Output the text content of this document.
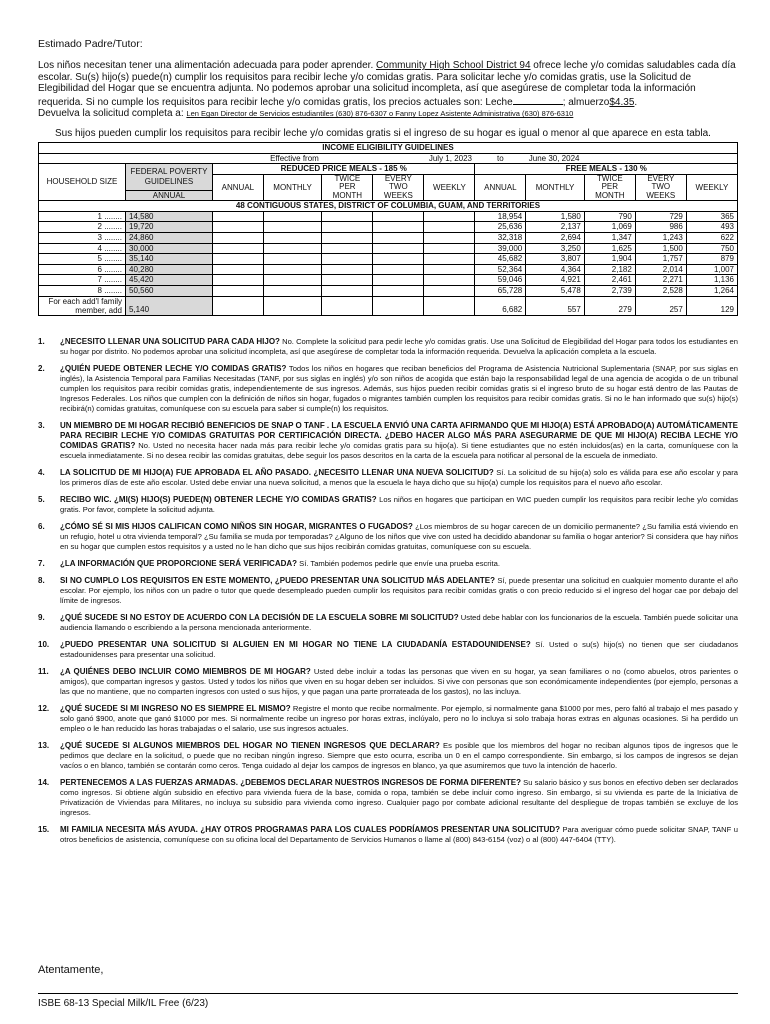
Estimado Padre/Tutor:
Los niños necesitan tener una alimentación adecuada para poder aprender. Community High School District 94 ofrece leche y/o comidas saludables cada día escolar. Su(s) hijo(s) puede(n) cumplir los requisitos para recibir leche y/o comidas gratis. Para solicitar leche y/o comidas gratis, use la Solicitud de Elegibilidad del Hogar que se encuentra adjunta. No podemos aprobar una solicitud incompleta, así que asegúrese de completar toda la información requerida. Si no cumple los requisitos para recibir leche y/o comidas gratis, los precios actuales son: Leche	; almuerzo$4.35.
Devuelva la solicitud completa a: Len Egan Director de Servicios estudiantiles (630) 876-6307 o Fanny Lopez Asistente Administrativa (630) 876-6310
Sus hijos pueden cumplir los requisitos para recibir leche y/o comidas gratis si el ingreso de su hogar es igual o menor al que aparece en esta tabla.
INCOME ELIGIBILITY GUIDELINES											
Effective from				July 1, 2023			to	June 30, 2024			
HOUSEHOLD SIZE	FEDERAL POVERTY GUIDELINES	REDUCED PRICE MEALS - 185 %					FREE MEALS - 130 %				
		ANNUAL	MONTHLY	TWICE PER MONTH	EVERY TWO WEEKS	WEEKLY	ANNUAL	MONTHLY	TWICE PER MONTH	EVERY TWO WEEKS	WEEKLY
	ANNUAL										
48 CONTIGUOUS STATES, DISTRICT OF COLUMBIA, GUAM, AND TERRITORIES											
1 ........	14,580						18,954	1,580	790	729	365
2 ........	19,720						25,636	2,137	1,069	986	493
3 ........	24,860						32,318	2,694	1,347	1,243	622
4 ........	30,000						39,000	3,250	1,625	1,500	750
5 ........	35,140						45,682	3,807	1,904	1,757	879
6 ........	40,280						52,364	4,364	2,182	2,014	1,007
7 ........	45,420						59,046	4,921	2,461	2,271	1,136
8 ........	50,560						65,728	5,478	2,739	2,528	1,264
For each add'l family
member, add	5,140						6,682	557	279	257	129
1.	¿NECESITO LLENAR UNA SOLICITUD PARA CADA HIJO? No. Complete la solicitud para pedir leche y/o comidas gratis. Use una Solicitud de Elegibilidad del Hogar para todos los estudiantes en su hogar por distrito. No podemos aprobar una solicitud incompleta, así que asegúrese de completar toda la información requerida. Devuelva la aplicación completa a la escuela.
2.	¿QUIÉN PUEDE OBTENER LECHE Y/O COMIDAS GRATIS? Todos los niños en hogares que reciban beneficios del Programa de Asistencia Nutricional Suplementaria (SNAP, por sus siglas en inglés), la Asistencia Temporal para Familias Necesitadas (TANF, por sus siglas en inglés) y/o son niños de acogida que están bajo la responsabilidad legal de una agencia de acogida o de un tribunal cumplen los requisitos para recibir comidas gratis, independientemente de sus ingresos. Además, sus hijos pueden recibir comidas gratis si el ingreso bruto de su hogar está dentro de las Pautas de Ingresos Federales. Los niños que cumplen con la definición de niños sin hogar, fugados o migrantes también cumplen los requisitos para recibir comidas gratis. Si no le han informado que su(s) hijo(s) recibirá(n) comidas gratuitas, comuníquese con su escuela para saber si cumple(n) los requisitos.
3.	UN MIEMBRO DE MI HOGAR RECIBIÓ BENEFICIOS DE SNAP O TANF . LA ESCUELA ENVIÓ UNA CARTA AFIRMANDO QUE MI HIJO(A) ESTÁ APROBADO(A) AUTOMÁTICAMENTE PARA RECIBIR LECHE Y/O COMIDAS GRATUITAS POR CERTIFICACIÓN DIRECTA. ¿DEBO HACER ALGO MÁS PARA ASEGURARME DE QUE MI HIJO(A) RECIBA LECHE Y/O COMIDAS GRATIS? No. Usted no necesita hacer nada más para recibir leche y/o comidas gratis para su hijo(a). Si tiene estudiantes que no estén incluidos(as) en la carta, comuníquese con la escuela inmediatamente. Si no desea recibir las comidas gratuitas, debe seguir los pasos descritos en la carta de la escuela para notificar al personal de la escuela de inmediato.
4.	LA SOLICITUD DE MI HIJO(A) FUE APROBADA EL AÑO PASADO. ¿NECESITO LLENAR UNA NUEVA SOLICITUD? Sí. La solicitud de su hijo(a) solo es válida para ese año escolar y para los primeros días de este año escolar. Usted debe enviar una nueva solicitud, a menos que la escuela le haya dicho que su hijo(a) cumple los requisitos para el nuevo año escolar.
5.	RECIBO WIC. ¿MI(S) HIJO(S) PUEDE(N) OBTENER LECHE Y/O COMIDAS GRATIS? Los niños en hogares que participan en WIC pueden cumplir los requisitos para recibir leche y/o comidas gratis. Por favor, complete la solicitud adjunta.
6.	¿CÓMO SÉ SI MIS HIJOS CALIFICAN COMO NIÑOS SIN HOGAR, MIGRANTES O FUGADOS? ¿Los miembros de su hogar carecen de un domicilio permanente? ¿Su familia está viviendo en un refugio, hotel u otra vivienda temporal? ¿Su familia se muda por temporadas? ¿Alguno de los niños que vive con usted ha decidido abandonar su familia o hogar anterior? Si considera que hay niños en su hogar que cumplen estos requisitos y a usted no le han dicho que sus hijos recibirán comidas gratuitas, comuníquese con su escuela.
7.	¿LA INFORMACIÓN QUE PROPORCIONE SERÁ VERIFICADA? Sí. También podemos pedirle que envíe una prueba escrita.
8.	SI NO CUMPLO LOS REQUISITOS EN ESTE MOMENTO, ¿PUEDO PRESENTAR UNA SOLICITUD MÁS ADELANTE? Sí, puede presentar una solicitud en cualquier momento durante el año escolar. Por ejemplo, los niños con un padre o tutor que quede desempleado pueden cumplir los requisitos para recibir comidas gratis o con precio reducido si el ingreso del hogar cae por debajo del límite de ingresos.
9.	¿QUÉ SUCEDE SI NO ESTOY DE ACUERDO CON LA DECISIÓN DE LA ESCUELA SOBRE MI SOLICITUD? Usted debe hablar con los funcionarios de la escuela. También puede solicitar una audiencia llamando o escribiendo a la persona mencionada anteriormente.
10.	¿PUEDO PRESENTAR UNA SOLICITUD SI ALGUIEN EN MI HOGAR NO TIENE LA CIUDADANÍA ESTADOUNIDENSE? Sí. Usted o su(s) hijo(s) no tienen que ser ciudadanos estadounidenses para presentar una solicitud.
11.	¿A QUIÉNES DEBO INCLUIR COMO MIEMBROS DE MI HOGAR? Usted debe incluir a todas las personas que viven en su hogar, ya sean familiares o no (como abuelos, otros parientes o amigos), que compartan ingresos y gastos. Usted y todos los niños que viven en su hogar deben ser incluidos. Si vive con personas que son económicamente independientes (por ejemplo, personas a las que no mantiene, que no comparten ingresos con usted o sus hijos, y que pagan una parte prorrateada de los gastos), no las incluya.
12.	¿QUÉ SUCEDE SI MI INGRESO NO ES SIEMPRE EL MISMO? Registre el monto que recibe normalmente. Por ejemplo, si normalmente gana $1000 por mes, pero faltó al trabajo el mes pasado y solo ganó $900, anote que ganó $1000 por mes. Si normalmente recibe un ingreso por horas extras, inclúyalo, pero no lo incluya si solo trabaja horas extras en algunas ocasiones. Si ha perdido un empleo o le han reducido las horas trabajadas o el salario, use sus ingresos actuales.
13.	¿QUÉ SUCEDE SI ALGUNOS MIEMBROS DEL HOGAR NO TIENEN INGRESOS QUE DECLARAR? Es posible que los miembros del hogar no reciban algunos tipos de ingresos que le pedimos que declare en la solicitud, o puede que no reciban ningún ingreso. Siempre que esto ocurra, escriba un 0 en el campo correspondiente. Sin embargo, si los campos de ingresos se dejan vacíos o en blanco, también se contarán como ceros. Tenga cuidado al dejar los campos de ingresos en blanco, ya que asumiremos que tuvo la intención de hacerlo.
14.	PERTENECEMOS A LAS FUERZAS ARMADAS. ¿DEBEMOS DECLARAR NUESTROS INGRESOS DE FORMA DIFERENTE? Su salario básico y sus bonos en efectivo deben ser declarados como ingresos. Si obtiene algún subsidio en efectivo para vivienda fuera de la base, comida o ropa, también se debe incluir como ingreso. Sin embargo, si su vivienda es parte de la Iniciativa de Privatización de Viviendas para Militares, no incluya su subsidio para vivienda como ingreso. Cualquier pago por combate adicional resultante del despliegue de tropas también se excluye de los ingresos.
15.	MI FAMILIA NECESITA MÁS AYUDA. ¿HAY OTROS PROGRAMAS PARA LOS CUALES PODRÍAMOS PRESENTAR UNA SOLICITUD? Para averiguar cómo puede solicitar SNAP, TANF u otros beneficios de asistencia, comuníquese con su oficina local del Departamento de Servicios Humanos o llame al (800) 843-6154 (voz) o al (800) 447-6404 (TTY).
Atentamente,
ISBE 68-13 Special Milk/IL Free (6/23)
